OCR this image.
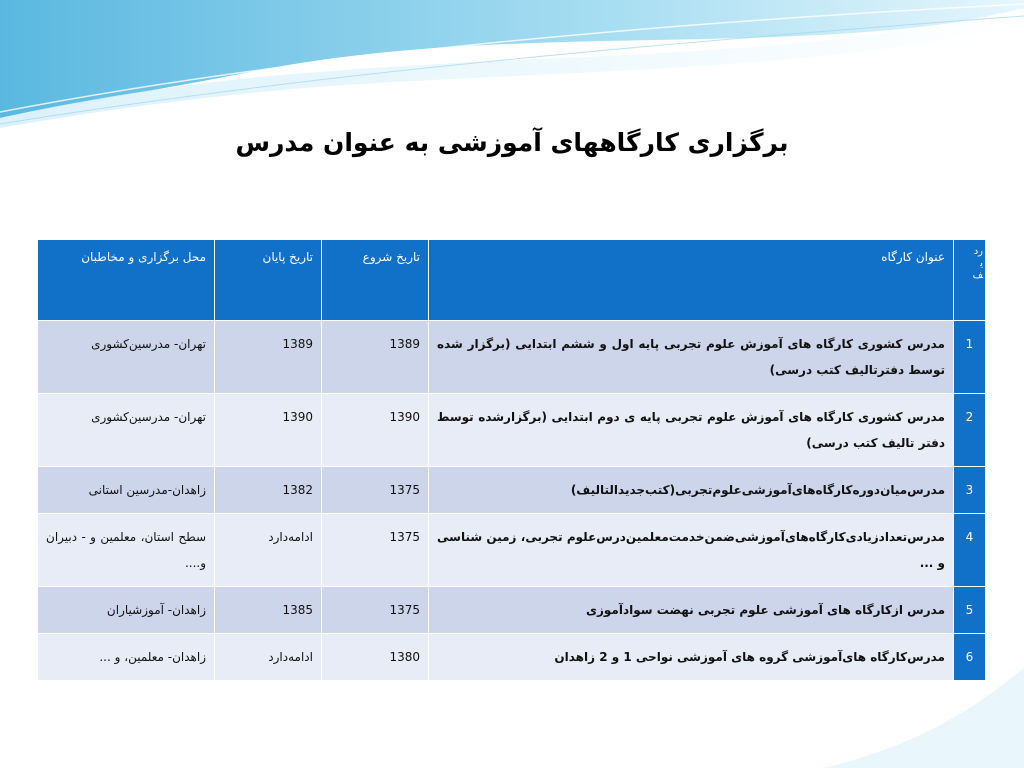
برگزاری کارگاههای آموزشی به عنوان مدرس
ردیف	عنوان کارگاه	تاریخ شروع	تاریخ پایان	محل برگزاری و مخاطبان
1	مدرس کشوری کارگاه های آموزش علوم تجربی پایه اول و ششم ابتدایی (برگزار شده توسط دفترتالیف کتب درسی)	1389	1389	تهران- مدرسین‌کشوری
2	مدرس کشوری کارگاه های آموزش علوم تجربی پایه ی دوم ابتدایی (برگزارشده توسط دفتر تالیف کتب درسی)	1390	1390	تهران- مدرسین‌کشوری
3	مدرس‌میان‌دوره‌کارگاه‌های‌آموزشی‌علوم‌تجربی(کتب‌جدیدالتالیف)	1375	1382	زاهدان-مدرسین استانی
4	مدرس‌تعدادزیادی‌کارگاه‌های‌آموزشی‌ضمن‌خدمت‌معلمین‌درس‌علوم تجربی، زمین شناسی و ...	1375	ادامه‌دارد	سطح استان، معلمین و - دبیران و....
5	مدرس ازکارگاه های آموزشی علوم تجربی نهضت سوادآموزی	1375	1385	زاهدان- آموزشیاران
6	مدرس‌کارگاه های‌آموزشی گروه های آموزشی نواحی 1 و 2 زاهدان	1380	ادامه‌دارد	زاهدان- معلمین، و ...
